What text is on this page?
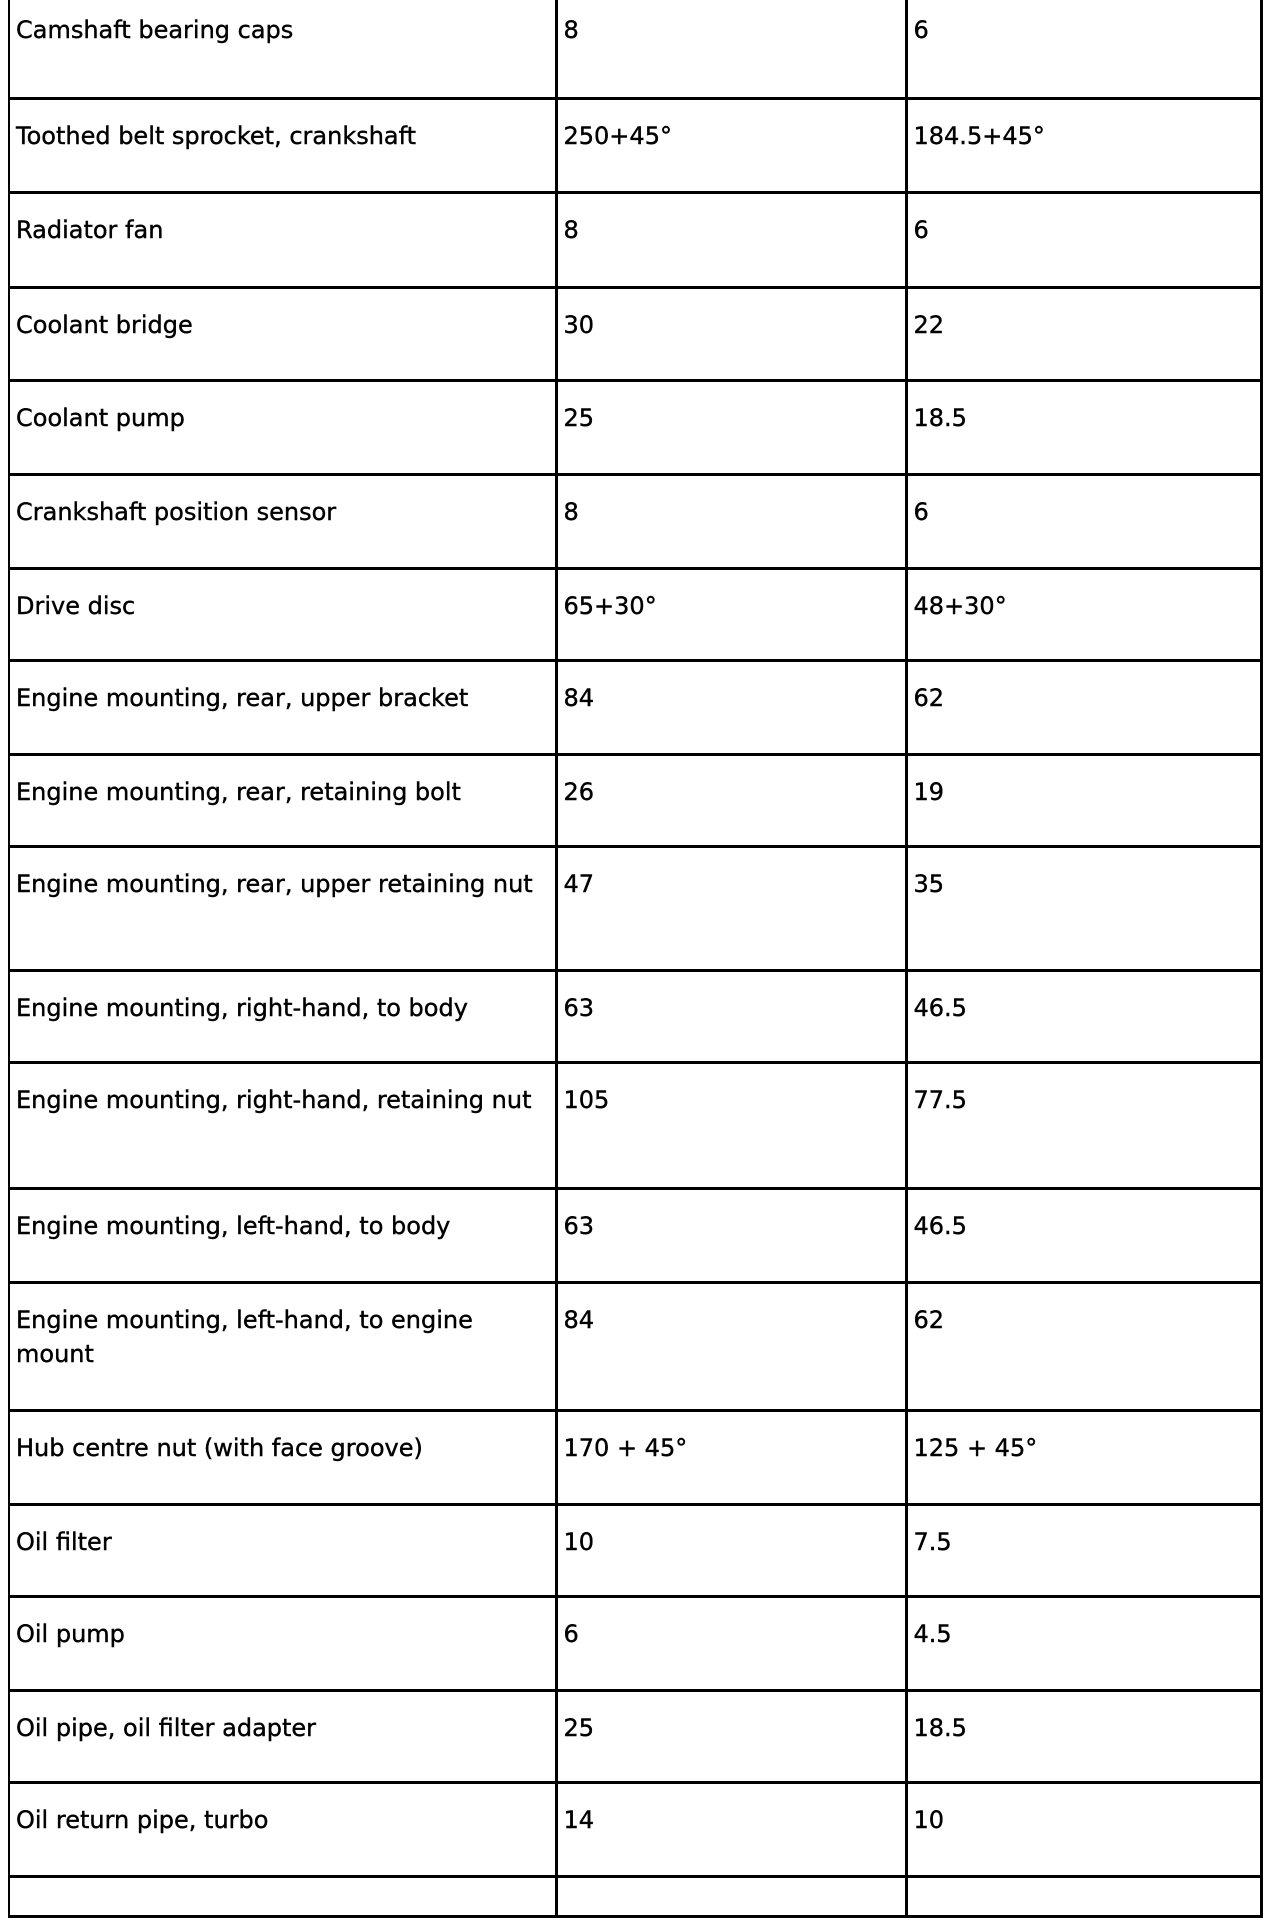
Camshaft bearing caps	8	6
Toothed belt sprocket, crankshaft	250+45°	184.5+45°
Radiator fan	8	6
Coolant bridge	30	22
Coolant pump	25	18.5
Crankshaft position sensor	8	6
Drive disc	65+30°	48+30°
Engine mounting, rear, upper bracket	84	62
Engine mounting, rear, retaining bolt	26	19
Engine mounting, rear, upper retaining nut	47	35
Engine mounting, right-hand, to body	63	46.5
Engine mounting, right-hand, retaining nut	105	77.5
Engine mounting, left-hand, to body	63	46.5
Engine mounting, left-hand, to engine mount	84	62
Hub centre nut (with face groove)	170 + 45°	125 + 45°
Oil filter	10	7.5
Oil pump	6	4.5
Oil pipe, oil filter adapter	25	18.5
Oil return pipe, turbo	14	10
